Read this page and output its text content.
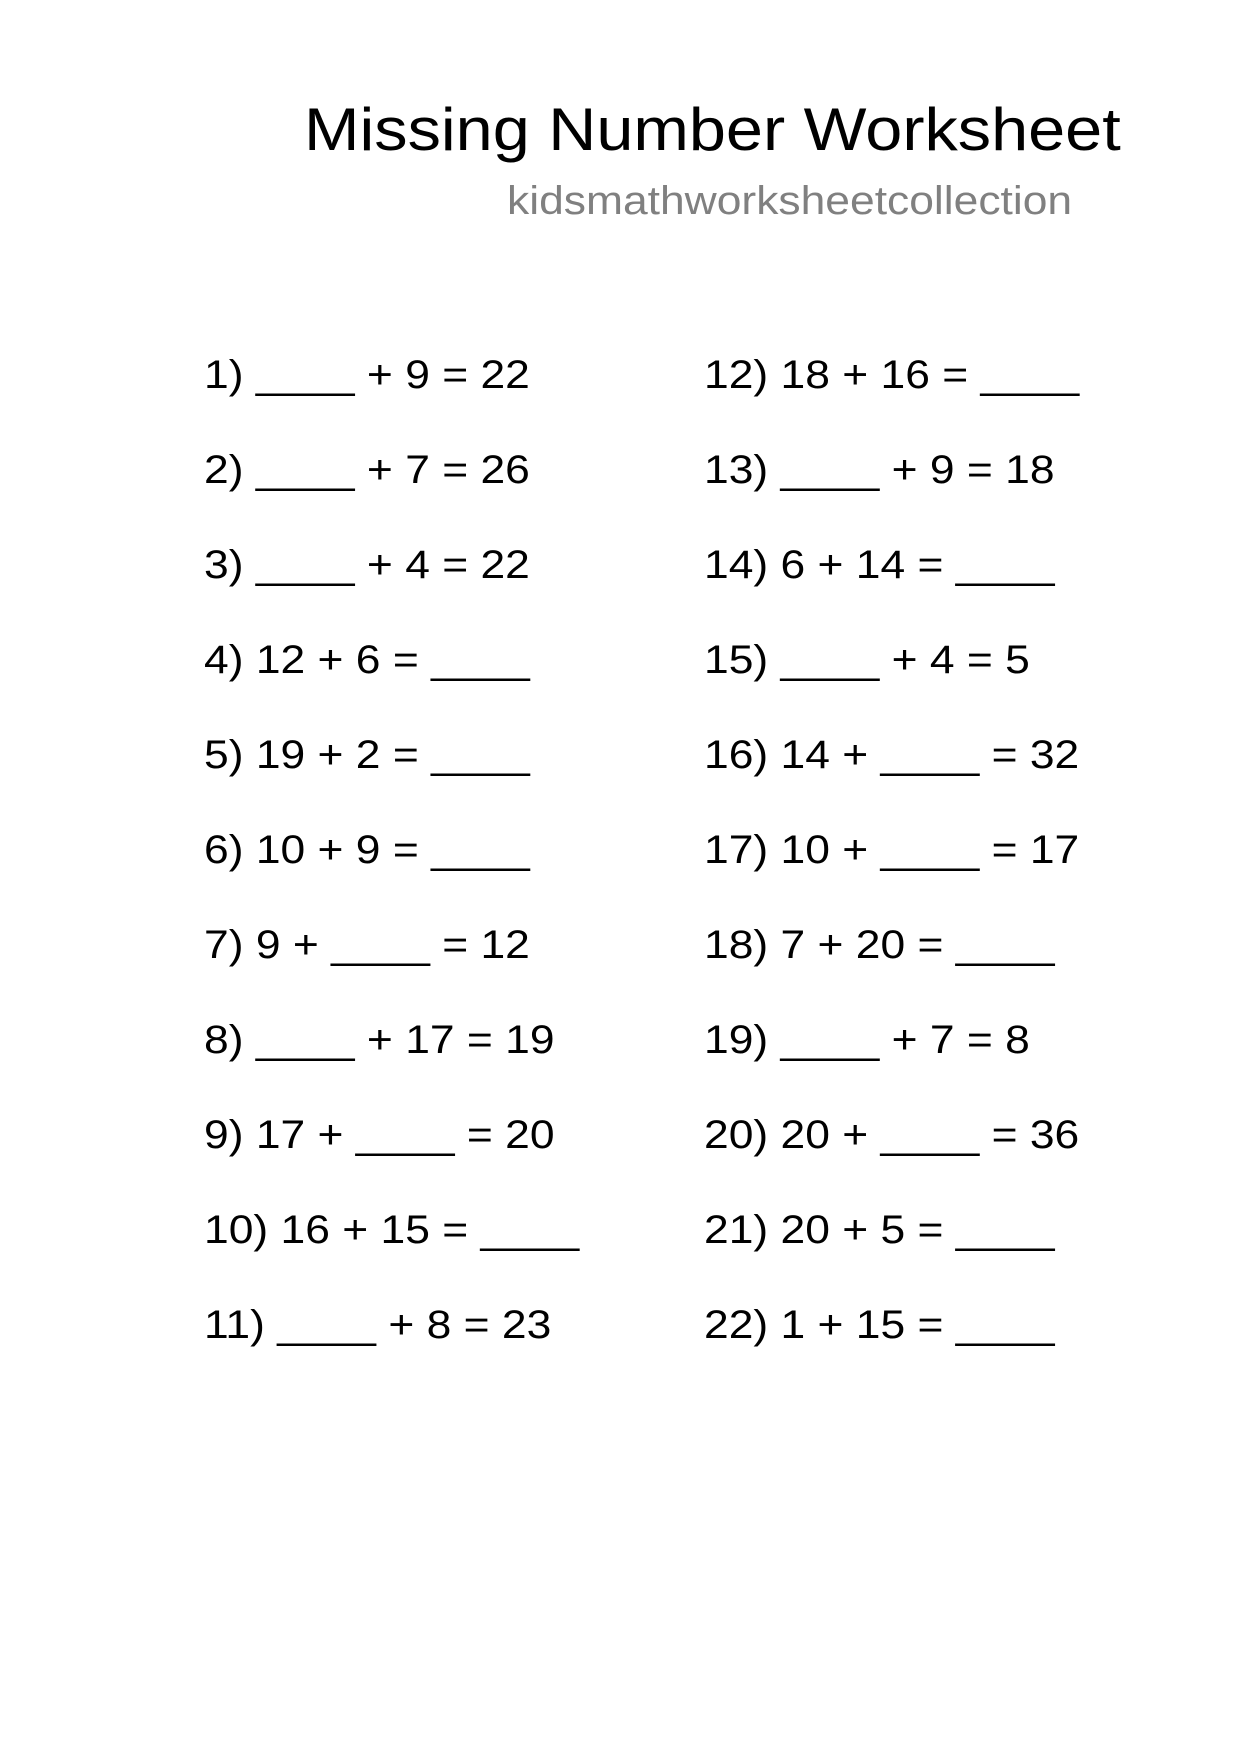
Missing Number Worksheet
kidsmathworksheetcollection
1) ____ + 9 = 22
2) ____ + 7 = 26
3) ____ + 4 = 22
4) 12 + 6 = ____
5) 19 + 2 = ____
6) 10 + 9 = ____
7) 9 + ____ = 12
8) ____ + 17 = 19
9) 17 + ____ = 20
10) 16 + 15 = ____
11) ____ + 8 = 23
12) 18 + 16 = ____
13) ____ + 9 = 18
14) 6 + 14 = ____
15) ____ + 4 = 5
16) 14 + ____ = 32
17) 10 + ____ = 17
18) 7 + 20 = ____
19) ____ + 7 = 8
20) 20 + ____ = 36
21) 20 + 5 = ____
22) 1 + 15 = ____
